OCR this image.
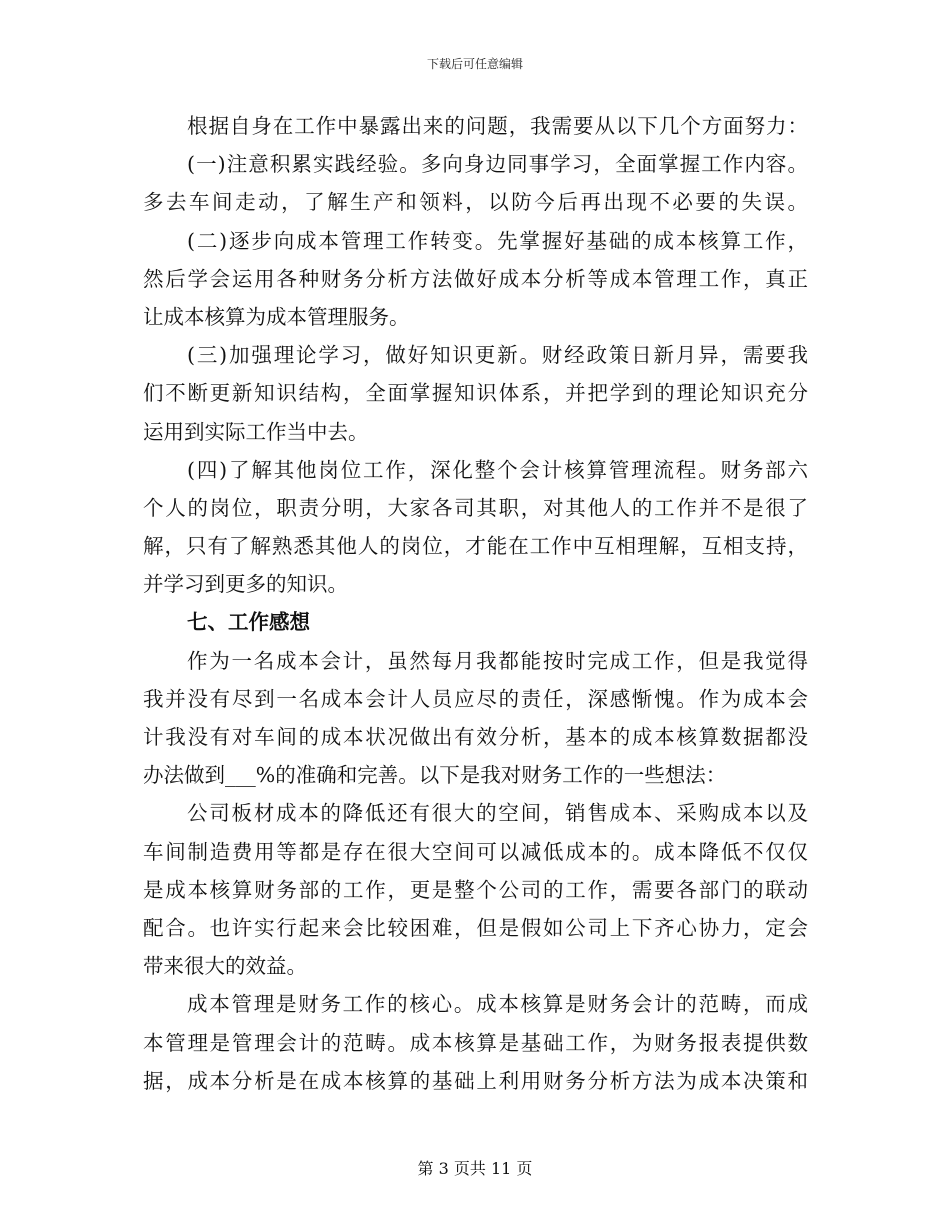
下载后可任意编辑
根据自身在工作中暴露出来的问题，我需要从以下几个方面努力：
(一)注意积累实践经验。多向身边同事学习，全面掌握工作内容。
多去车间走动，了解生产和领料，以防今后再出现不必要的失误。
(二)逐步向成本管理工作转变。先掌握好基础的成本核算工作，
然后学会运用各种财务分析方法做好成本分析等成本管理工作，真正
让成本核算为成本管理服务。
(三)加强理论学习，做好知识更新。财经政策日新月异，需要我
们不断更新知识结构，全面掌握知识体系，并把学到的理论知识充分
运用到实际工作当中去。
(四)了解其他岗位工作，深化整个会计核算管理流程。财务部六
个人的岗位，职责分明，大家各司其职，对其他人的工作并不是很了
解，只有了解熟悉其他人的岗位，才能在工作中互相理解，互相支持，
并学习到更多的知识。
七、工作感想
作为一名成本会计，虽然每月我都能按时完成工作，但是我觉得
我并没有尽到一名成本会计人员应尽的责任，深感惭愧。作为成本会
计我没有对车间的成本状况做出有效分析，基本的成本核算数据都没
办法做到___%的准确和完善。以下是我对财务工作的一些想法：
公司板材成本的降低还有很大的空间，销售成本、采购成本以及
车间制造费用等都是存在很大空间可以减低成本的。成本降低不仅仅
是成本核算财务部的工作，更是整个公司的工作，需要各部门的联动
配合。也许实行起来会比较困难，但是假如公司上下齐心协力，定会
带来很大的效益。
成本管理是财务工作的核心。成本核算是财务会计的范畴，而成
本管理是管理会计的范畴。成本核算是基础工作，为财务报表提供数
据，成本分析是在成本核算的基础上利用财务分析方法为成本决策和
第 3 页共 11 页
